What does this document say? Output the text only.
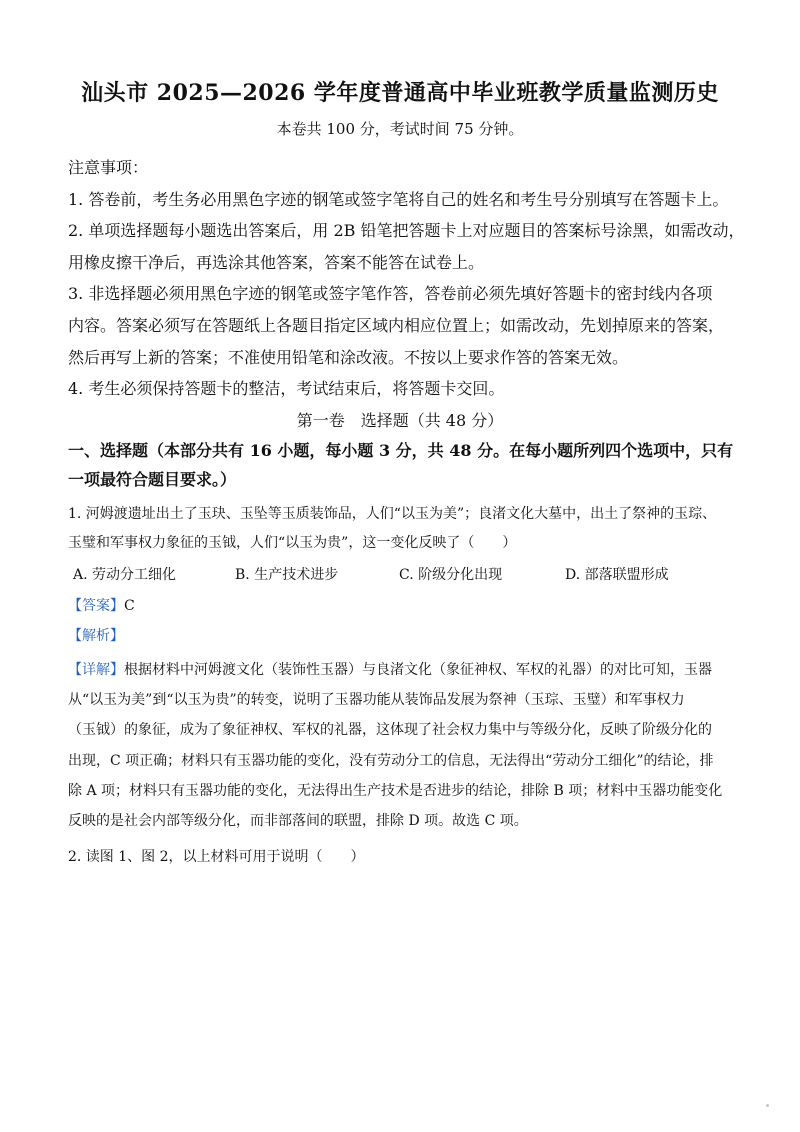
汕头市 2025—2026 学年度普通高中毕业班教学质量监测历史
本卷共 100 分，考试时间 75 分钟。
注意事项：
1. 答卷前，考生务必用黑色字迹的钢笔或签字笔将自己的姓名和考生号分别填写在答题卡上。
2. 单项选择题每小题选出答案后，用 2B 铅笔把答题卡上对应题目的答案标号涂黑，如需改动，
用橡皮擦干净后，再选涂其他答案，答案不能答在试卷上。
3. 非选择题必须用黑色字迹的钢笔或签字笔作答，答卷前必须先填好答题卡的密封线内各项
内容。答案必须写在答题纸上各题目指定区域内相应位置上；如需改动，先划掉原来的答案，
然后再写上新的答案；不准使用铅笔和涂改液。不按以上要求作答的答案无效。
4. 考生必须保持答题卡的整洁，考试结束后，将答题卡交回。
第一卷　选择题（共 48 分）
一、选择题（本部分共有 16 小题，每小题 3 分，共 48 分。在每小题所列四个选项中，只有
一项最符合题目要求。）
1. 河姆渡遗址出土了玉玦、玉坠等玉质装饰品，人们“以玉为美”；良渚文化大墓中，出土了祭神的玉琮、
玉璧和军事权力象征的玉钺，人们“以玉为贵”，这一变化反映了（　　）
A. 劳动分工细化	B. 生产技术进步	C. 阶级分化出现	D. 部落联盟形成
【答案】C
【解析】
【详解】根据材料中河姆渡文化（装饰性玉器）与良渚文化（象征神权、军权的礼器）的对比可知，玉器
从“以玉为美”到“以玉为贵”的转变，说明了玉器功能从装饰品发展为祭神（玉琮、玉璧）和军事权力
（玉钺）的象征，成为了象征神权、军权的礼器，这体现了社会权力集中与等级分化，反映了阶级分化的
出现，C 项正确；材料只有玉器功能的变化，没有劳动分工的信息，无法得出“劳动分工细化”的结论，排
除 A 项；材料只有玉器功能的变化，无法得出生产技术是否进步的结论，排除 B 项；材料中玉器功能变化
反映的是社会内部等级分化，而非部落间的联盟，排除 D 项。故选 C 项。
2. 读图 1、图 2，以上材料可用于说明（　　）
